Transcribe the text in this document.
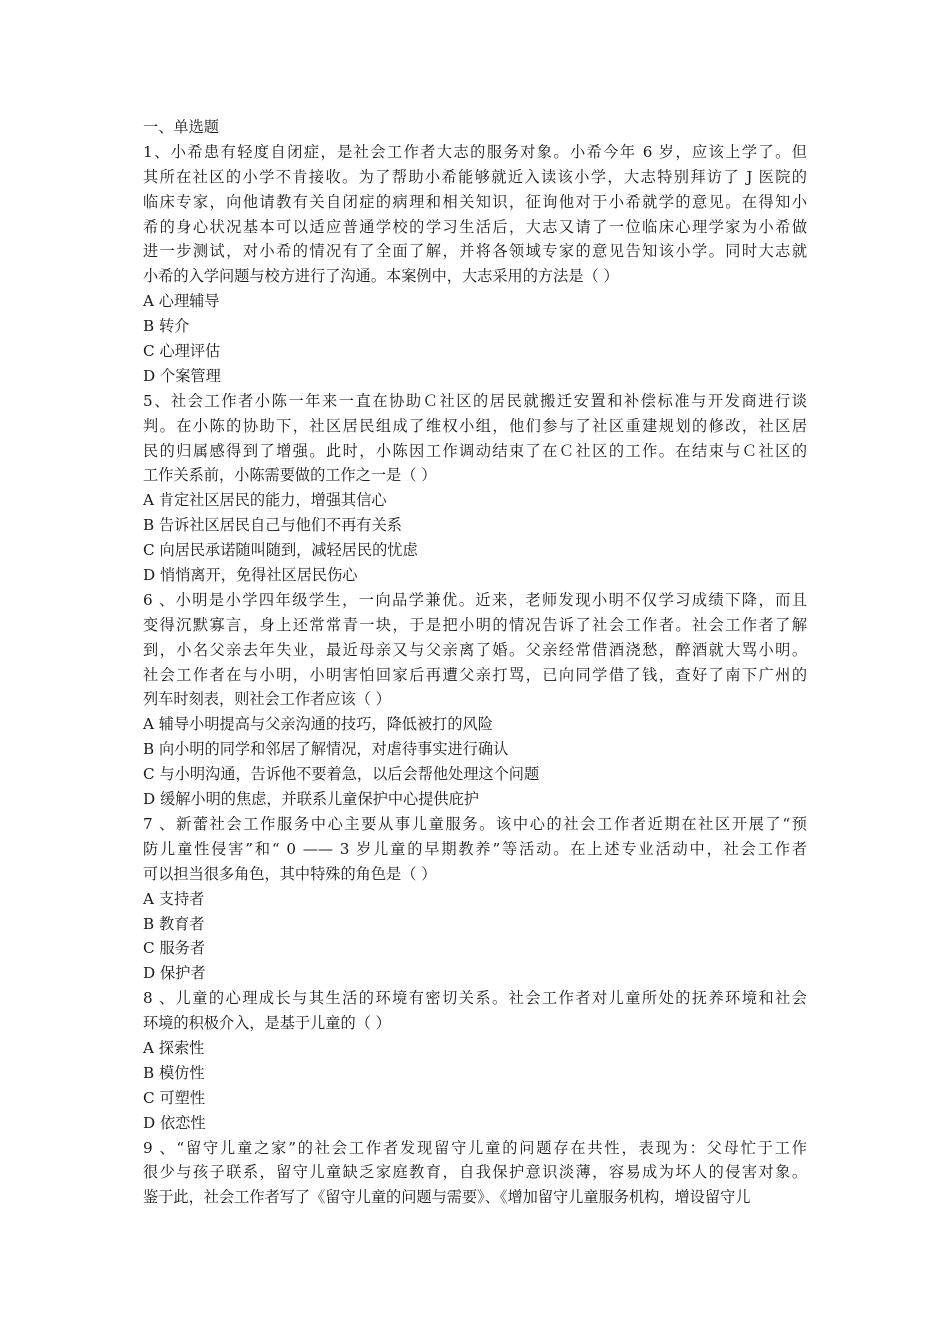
一、单选题
1、小希患有轻度自闭症，是社会工作者大志的服务对象。小希今年 6 岁，应该上学了。但
其所在社区的小学不肯接收。为了帮助小希能够就近入读该小学，大志特别拜访了 J 医院的
临床专家，向他请教有关自闭症的病理和相关知识，征询他对于小希就学的意见。在得知小
希的身心状况基本可以适应普通学校的学习生活后，大志又请了一位临床心理学家为小希做
进一步测试，对小希的情况有了全面了解，并将各领域专家的意见告知该小学。同时大志就
小希的入学问题与校方进行了沟通。本案例中，大志采用的方法是（ ）
A 心理辅导
B 转介
C 心理评估
D 个案管理
5、社会工作者小陈一年来一直在协助Ｃ社区的居民就搬迁安置和补偿标准与开发商进行谈
判。在小陈的协助下，社区居民组成了维权小组，他们参与了社区重建规划的修改，社区居
民的归属感得到了增强。此时，小陈因工作调动结束了在Ｃ社区的工作。在结束与Ｃ社区的
工作关系前，小陈需要做的工作之一是（ ）
A 肯定社区居民的能力，增强其信心
B 告诉社区居民自己与他们不再有关系
C 向居民承诺随叫随到，减轻居民的忧虑
D 悄悄离开，免得社区居民伤心
6 、小明是小学四年级学生，一向品学兼优。近来，老师发现小明不仅学习成绩下降，而且
变得沉默寡言，身上还常常青一块，于是把小明的情况告诉了社会工作者。社会工作者了解
到，小名父亲去年失业，最近母亲又与父亲离了婚。父亲经常借酒浇愁，醉酒就大骂小明。
社会工作者在与小明，小明害怕回家后再遭父亲打骂，已向同学借了钱，查好了南下广州的
列车时刻表，则社会工作者应该（ ）
A 辅导小明提高与父亲沟通的技巧，降低被打的风险
B 向小明的同学和邻居了解情况，对虐待事实进行确认
C 与小明沟通，告诉他不要着急，以后会帮他处理这个问题
D 缓解小明的焦虑，并联系儿童保护中心提供庇护
7 、新蕾社会工作服务中心主要从事儿童服务。该中心的社会工作者近期在社区开展了“预
防儿童性侵害”和“ 0 —— 3 岁儿童的早期教养”等活动。在上述专业活动中，社会工作者
可以担当很多角色，其中特殊的角色是（ ）
A 支持者
B 教育者
C 服务者
D 保护者
8 、儿童的心理成长与其生活的环境有密切关系。社会工作者对儿童所处的抚养环境和社会
环境的积极介入，是基于儿童的（ ）
A 探索性
B 模仿性
C 可塑性
D 依恋性
9 、“留守儿童之家”的社会工作者发现留守儿童的问题存在共性，表现为：父母忙于工作
很少与孩子联系，留守儿童缺乏家庭教育，自我保护意识淡薄，容易成为坏人的侵害对象。
鉴于此，社会工作者写了《留守儿童的问题与需要》、《增加留守儿童服务机构，增设留守儿
